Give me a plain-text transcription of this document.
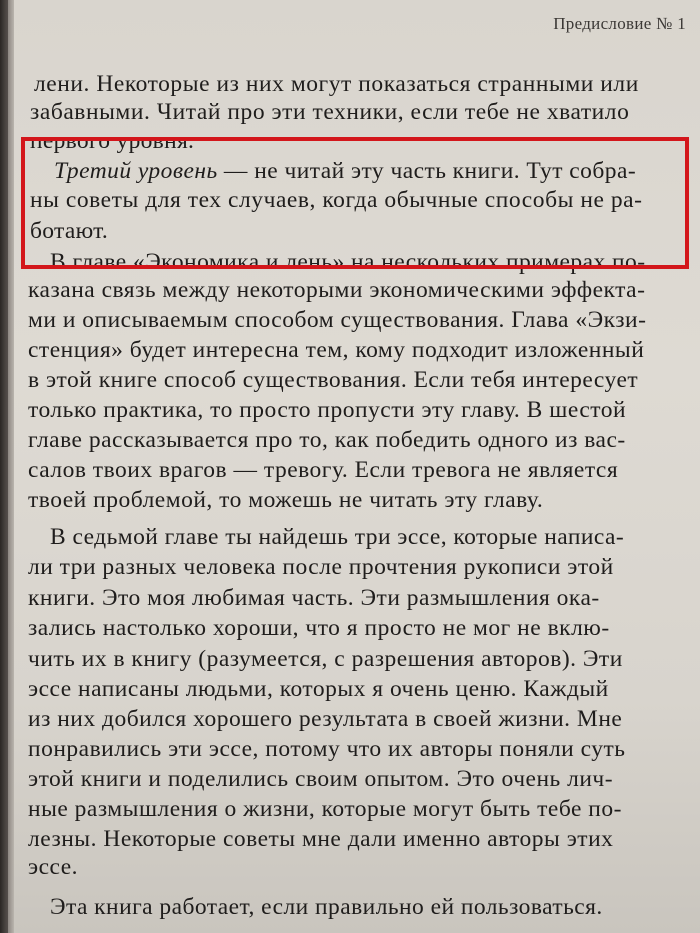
Предисловие № 1
лени. Некоторые из них могут показаться странными или
забавными. Читай про эти техники, если тебе не хватило
первого уровня.
Третий уровень — не читай эту часть книги. Тут собра-
ны советы для тех случаев, когда обычные способы не ра-
ботают.
В главе «Экономика и лень» на нескольких примерах по-
казана связь между некоторыми экономическими эффекта-
ми и описываемым способом существования. Глава «Экзи-
стенция» будет интересна тем, кому подходит изложенный
в этой книге способ существования. Если тебя интересует
только практика, то просто пропусти эту главу. В шестой
главе рассказывается про то, как победить одного из вас-
салов твоих врагов — тревогу. Если тревога не является
твоей проблемой, то можешь не читать эту главу.
В седьмой главе ты найдешь три эссе, которые написа-
ли три разных человека после прочтения рукописи этой
книги. Это моя любимая часть. Эти размышления ока-
зались настолько хороши, что я просто не мог не вклю-
чить их в книгу (разумеется, с разрешения авторов). Эти
эссе написаны людьми, которых я очень ценю. Каждый
из них добился хорошего результата в своей жизни. Мне
понравились эти эссе, потому что их авторы поняли суть
этой книги и поделились своим опытом. Это очень лич-
ные размышления о жизни, которые могут быть тебе по-
лезны. Некоторые советы мне дали именно авторы этих
эссе.
Эта книга работает, если правильно ей пользоваться.
